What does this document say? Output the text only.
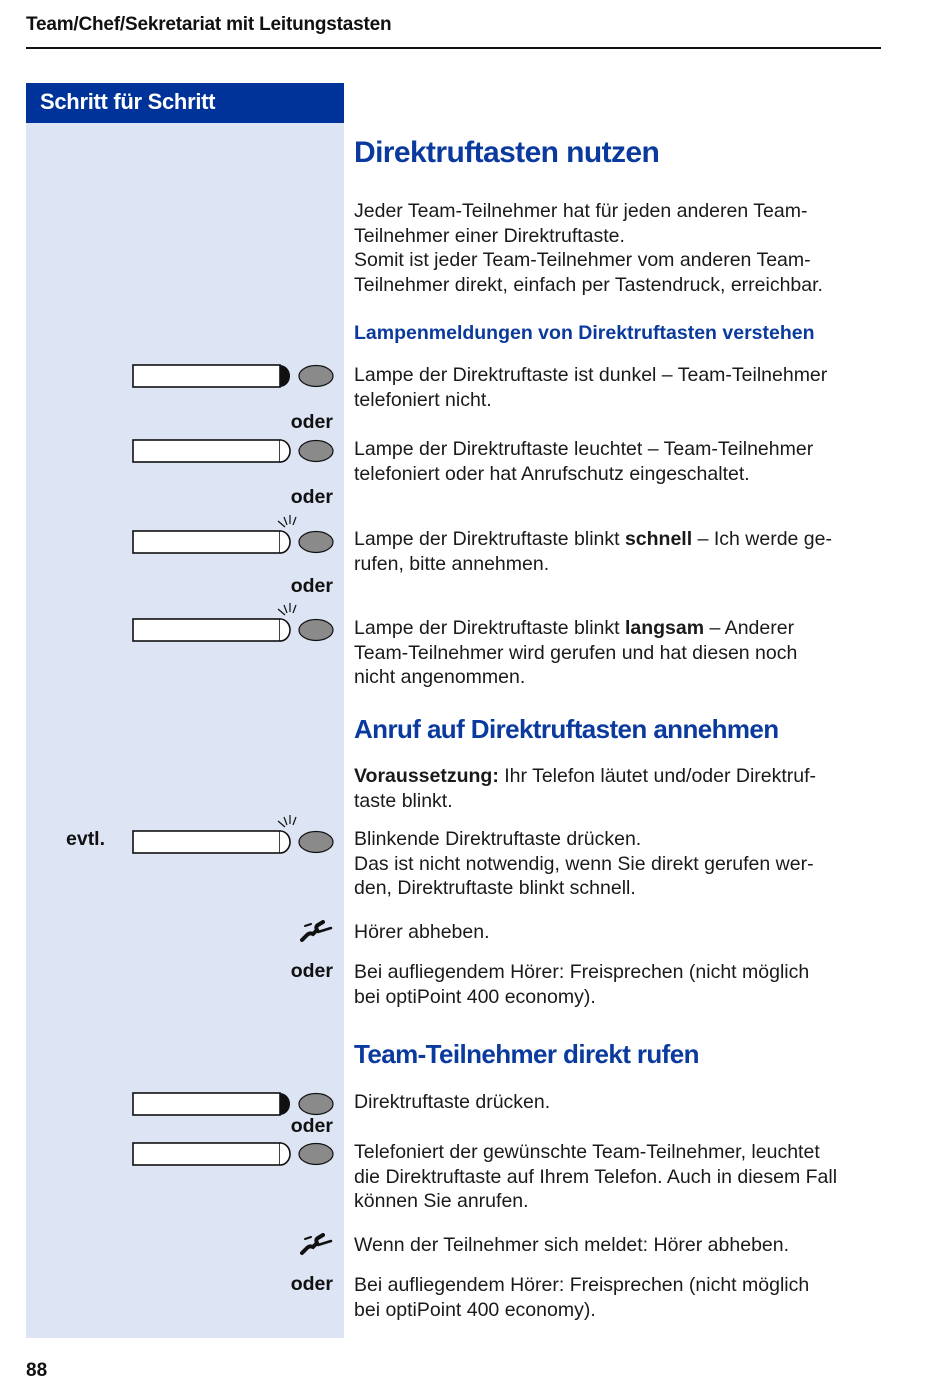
Team/Chef/Sekretariat mit Leitungstasten
Schritt für Schritt
Direktruftasten nutzen
Jeder Team-Teilnehmer hat für jeden anderen Team-
Teilnehmer einer Direktruftaste.
Somit ist jeder Team-Teilnehmer vom anderen Team-
Teilnehmer direkt, einfach per Tastendruck, erreichbar.
Lampenmeldungen von Direktruftasten verstehen
Lampe der Direktruftaste ist dunkel – Team-Teilnehmer
telefoniert nicht.
oder
Lampe der Direktruftaste leuchtet – Team-Teilnehmer
telefoniert oder hat Anrufschutz eingeschaltet.
oder
Lampe der Direktruftaste blinkt schnell – Ich werde ge-
rufen, bitte annehmen.
oder
Lampe der Direktruftaste blinkt langsam – Anderer
Team-Teilnehmer wird gerufen und hat diesen noch
nicht angenommen.
Anruf auf Direktruftasten annehmen
Voraussetzung: Ihr Telefon läutet und/oder Direktruf-
taste blinkt.
evtl.	Blinkende Direktruftaste drücken.
Das ist nicht notwendig, wenn Sie direkt gerufen wer-
den, Direktruftaste blinkt schnell.
Hörer abheben.
oder Bei aufliegendem Hörer: Freisprechen (nicht möglich
bei optiPoint 400 economy).
Team-Teilnehmer direkt rufen
Direktruftaste drücken.
oder
Telefoniert der gewünschte Team-Teilnehmer, leuchtet
die Direktruftaste auf Ihrem Telefon. Auch in diesem Fall
können Sie anrufen.
Wenn der Teilnehmer sich meldet: Hörer abheben.
oder Bei aufliegendem Hörer: Freisprechen (nicht möglich
bei optiPoint 400 economy).
88
